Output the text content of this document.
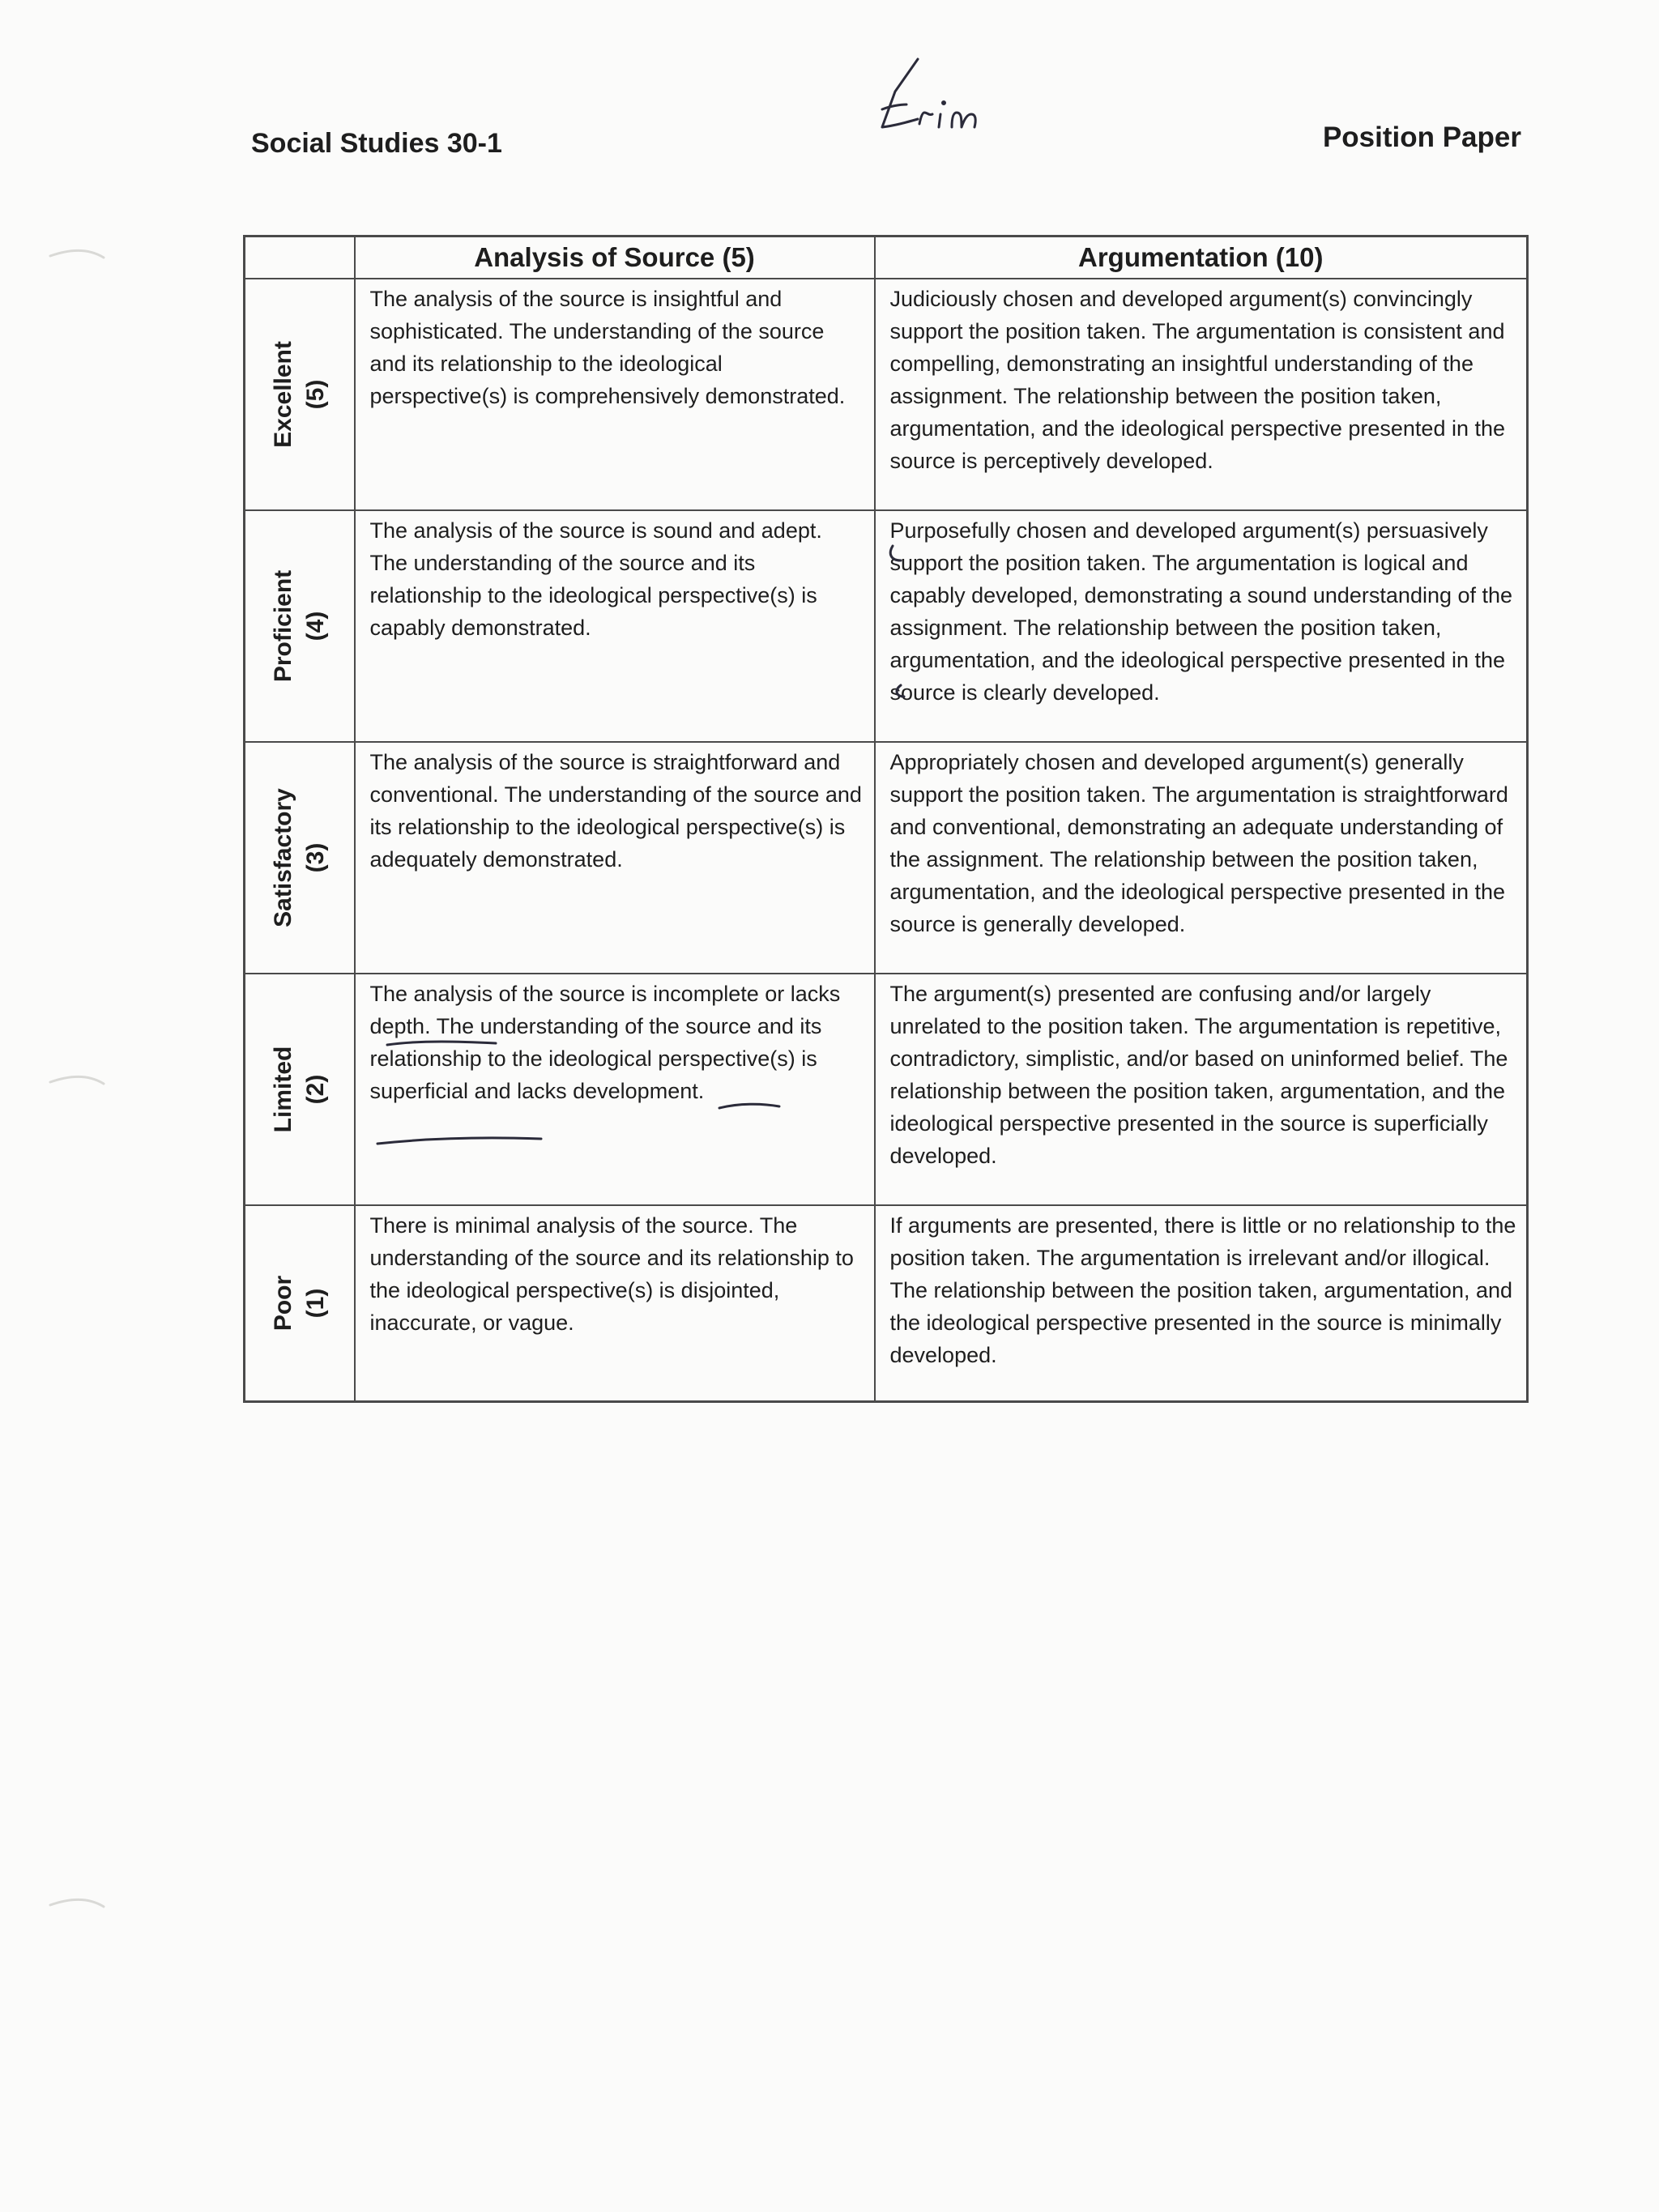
Social Studies 30-1	Position Paper
	Analysis of Source (5)	Argumentation (10)

Excellent (5)	The analysis of the source is insightful and sophisticated. The understanding of the source and its relationship to the ideological perspective(s) is comprehensively demonstrated.	Judiciously chosen and developed argument(s) convincingly support the position taken. The argumentation is consistent and compelling, demonstrating an insightful understanding of the assignment. The relationship between the position taken, argumentation, and the ideological perspective presented in the source is perceptively developed.

Proficient (4)	The analysis of the source is sound and adept. The understanding of the source and its relationship to the ideological perspective(s) is capably demonstrated.	Purposefully chosen and developed argument(s) persuasively support the position taken. The argumentation is logical and capably developed, demonstrating a sound understanding of the assignment. The relationship between the position taken, argumentation, and the ideological perspective presented in the source is clearly developed.

Satisfactory (3)	The analysis of the source is straightforward and conventional. The understanding of the source and its relationship to the ideological perspective(s) is adequately demonstrated.	Appropriately chosen and developed argument(s) generally support the position taken. The argumentation is straightforward and conventional, demonstrating an adequate understanding of the assignment. The relationship between the position taken, argumentation, and the ideological perspective presented in the source is generally developed.

Limited (2)	The analysis of the source is incomplete or lacks depth. The understanding of the source and its relationship to the ideological perspective(s) is superficial and lacks development.	The argument(s) presented are confusing and/or largely unrelated to the position taken. The argumentation is repetitive, contradictory, simplistic, and/or based on uninformed belief. The relationship between the position taken, argumentation, and the ideological perspective presented in the source is superficially developed.

Poor (1)	There is minimal analysis of the source. The understanding of the source and its relationship to the ideological perspective(s) is disjointed, inaccurate, or vague.	If arguments are presented, there is little or no relationship to the position taken. The argumentation is irrelevant and/or illogical. The relationship between the position taken, argumentation, and the ideological perspective presented in the source is minimally developed.
